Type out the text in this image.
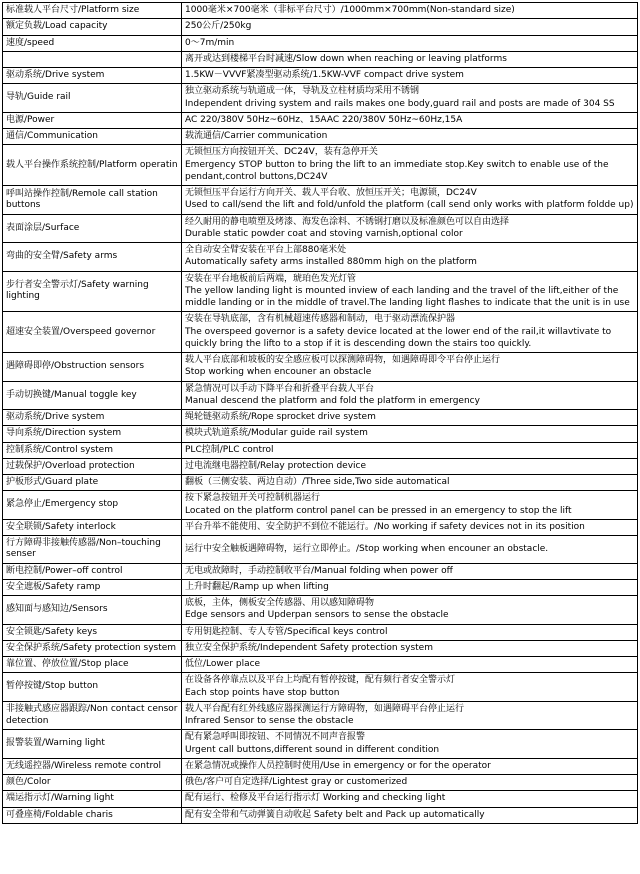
标准载人平台尺寸/Platform size	1000毫米×700毫米（非标平台尺寸）/1000mm×700mm(Non-standard size)

额定负载/Load capacity	250公斤/250kg

速度/speed	0～7m/min

	离开或达到楼梯平台时减速/Slow down when reaching or leaving platforms

驱动系统/Drive system	1.5KW－VVVF紧凑型驱动系统/1.5KW-VVF compact drive system

导轨/Guide rail	独立驱动系统与轨道成一体，导轨及立柱材质均采用不锈钢
Independent driving system and rails makes one body,guard rail and posts are made of 304 SS

电源/Power	AC 220/380V 50Hz~60Hz、15AAC 220/380V 50Hz~60Hz,15A

通信/Communication	载流通信/Carrier communication

载人平台操作系统控制/Platform operatin	无锁恒压方向按钮开关、DC24V，装有急停开关
Emergency STOP button to bring the lift to an immediate stop.Key switch to enable use of the
pendant,control buttons,DC24V

呼叫站操作控制/Remole call station buttons	无锁恒压平台运行方向开关、载人平台收、放恒压开关；电源锁，DC24V
Used to call/send the lift and fold/unfold the platform (call send only works with platform foldde up)

表面涂层/Surface	经久耐用的静电喷塑及烤漆、海发色涂料、不锈钢打磨以及标准颜色可以自由选择
Durable static powder coat and stoving varnish,optional color

弯曲的安全臂/Safety arms	全自动安全臂安装在平台上部880毫米处
Automatically safety arms installed 880mm high on the platform

步行者安全警示灯/Safety warning lighting	安装在平台地板前后两端，琥珀色发光灯管
The yellow landing light is mounted inview of each landing and the travel of the lift,either of the
middle landing or in the middle of travel.The landing light flashes to indicate that the unit is in use

超速安全装置/Overspeed governor	安装在导轨底部，含有机械超速传感器和制动，电于驱动漂流保护器
The overspeed governor is a safety device located at the lower end of the rail,it willavtivate to
quickly bring the lifto to a stop if it is descending down the stairs too quickly.

遇障碍即停/Obstruction sensors	载人平台底部和坡板的安全感应板可以探测障碍物，如遇障碍即令平台停止运行
Stop working when encouner an obstacle

手动切换键/Manual toggle key	紧急情况可以手动下降平台和折叠平台载人平台
Manual descend the platform and fold the platform in emergency

驱动系统/Drive system	绳轮链驱动系统/Rope sprocket drive system

导向系统/Direction system	模块式轨道系统/Modular guide rail system

控制系统/Control system	PLC控制/PLC control

过载保护/Overload protection	过电流继电器控制/Relay protection device

护板形式/Guard plate	翻板（三侧安装、两边自动）/Three side,Two side automatical

紧急停止/Emergency stop	按下紧急按钮开关可控制机器运行
Located on the platform control panel can be pressed in an emergency to stop the lift

安全联锁/Safety interlock	平台升举不能使用、安全防护不到位不能运行。/No working if safety devices not in its position

行方障碍非接触传感器/Non–touching senser	运行中安全触板遇障碍物，运行立即停止。/Stop working when encouner an obstacle.

断电控制/Power–off control	无电或故障时，手动控制收平台/Manual folding when power off

安全遮板/Safety ramp	上升时翻起/Ramp up when lifting

感知面与感知边/Sensors	底板，主体，侧板安全传感器、用以感知障碍物
Edge sensors and Upderpan sensors to sense the obstacle

安全锁匙/Safety keys	专用钥匙控制、专人专管/Specifical keys control

安全保护系统/Safety protection system	独立安全保护系统/Independent Safety protection system

靠位置、停放位置/Stop place	低位/Lower place

暂停按键/Stop button	在设备各停靠点以及平台上均配有暂停按键，配有频行者安全警示灯
Each stop points have stop button

非接触式感应器跟踪/Non contact censor detection	载人平台配有红外线感应器探测运行方障碍物，如遇障碍平台停止运行
Infrared Sensor to sense the obstacle

报警装置/Warning light	配有紧急呼叫即按钮、不同情况不同声音报警
Urgent call buttons,different sound in different condition

无线遥控器/Wireless remote control	在紧急情况或操作人员控制时使用/Use in emergency or for the operator

颜色/Color	俄色/客户可自定选择/Lightest gray or customerized

端运指示灯/Warning light	配有运行、检修及平台运行指示灯 Working and checking light

可叠座椅/Foldable charis	配有安全带和气动弹簧自动收起 Safety belt and Pack up automatically
